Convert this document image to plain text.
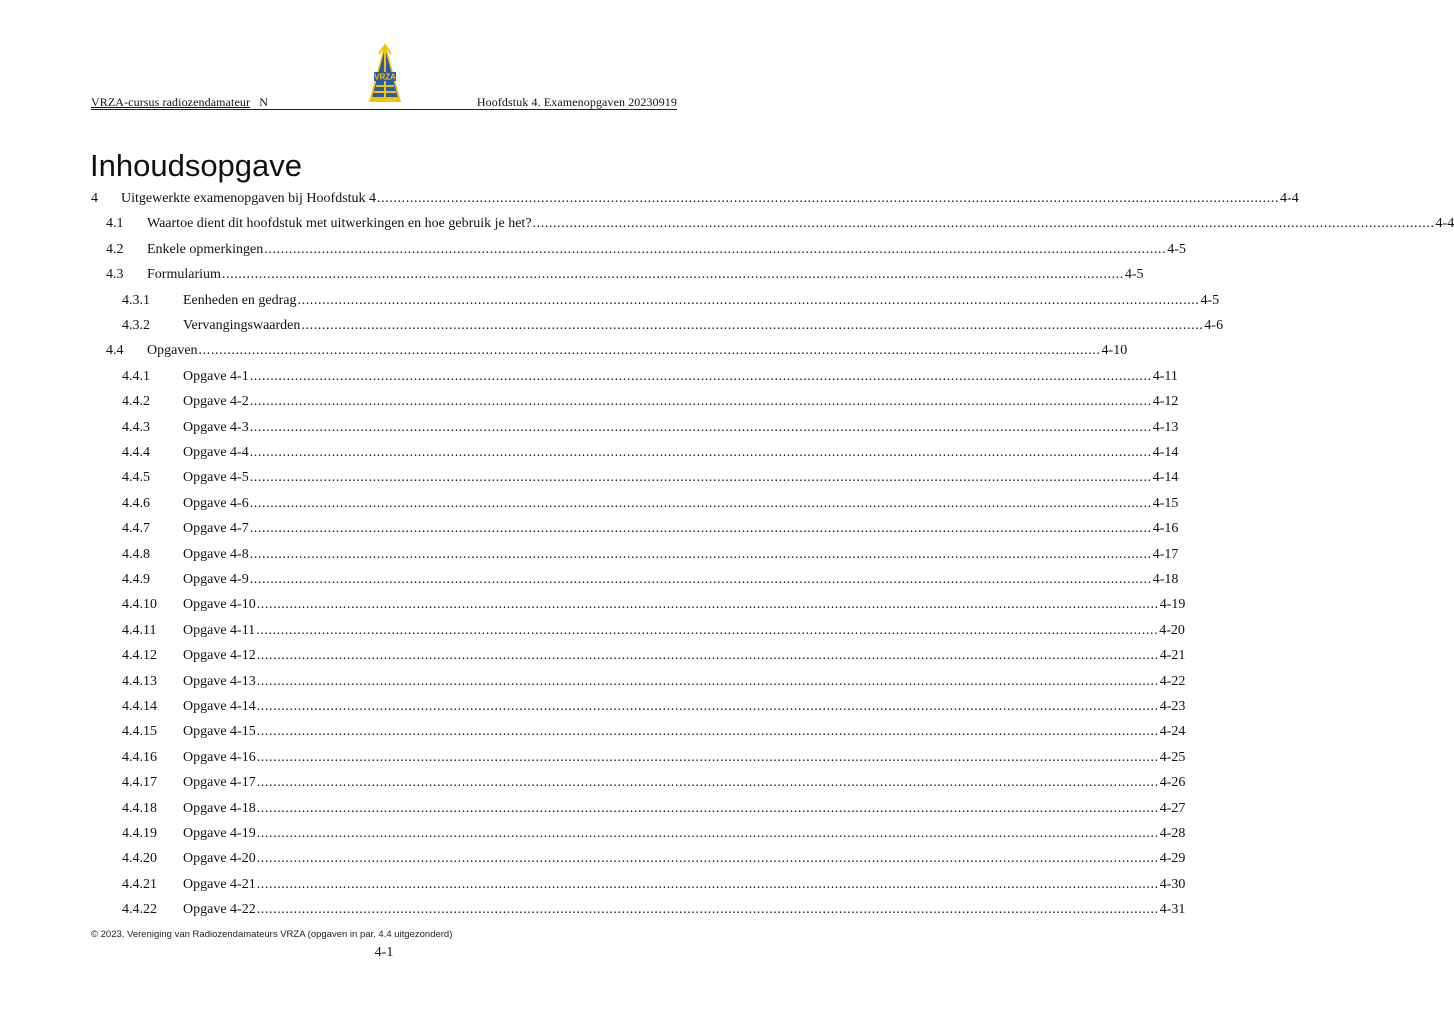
VRZA
VRZA-cursus radiozendamateur N	Hoofdstuk 4. Examenopgaven 20230919
Inhoudsopgave
4	Uitgewerkte examenopgaven bij Hoofdstuk 4 ............................................................................................................................................................................................................................ 4-4
4.1	Waartoe dient dit hoofdstuk met uitwerkingen en hoe gebruik je het? ............................................................................................................................................................................................................................ 4-4
4.2	Enkele opmerkingen ............................................................................................................................................................................................................................ 4-5
4.3	Formularium ............................................................................................................................................................................................................................ 4-5
4.3.1	Eenheden en gedrag ............................................................................................................................................................................................................................ 4-5
4.3.2	Vervangingswaarden ............................................................................................................................................................................................................................ 4-6
4.4	Opgaven ............................................................................................................................................................................................................................ 4-10
4.4.1	Opgave 4-1 ............................................................................................................................................................................................................................ 4-11
4.4.2	Opgave 4-2 ............................................................................................................................................................................................................................ 4-12
4.4.3	Opgave 4-3 ............................................................................................................................................................................................................................ 4-13
4.4.4	Opgave 4-4 ............................................................................................................................................................................................................................ 4-14
4.4.5	Opgave 4-5 ............................................................................................................................................................................................................................ 4-14
4.4.6	Opgave 4-6 ............................................................................................................................................................................................................................ 4-15
4.4.7	Opgave 4-7 ............................................................................................................................................................................................................................ 4-16
4.4.8	Opgave 4-8 ............................................................................................................................................................................................................................ 4-17
4.4.9	Opgave 4-9 ............................................................................................................................................................................................................................ 4-18
4.4.10	Opgave 4-10 ............................................................................................................................................................................................................................ 4-19
4.4.11	Opgave 4-11 ............................................................................................................................................................................................................................ 4-20
4.4.12	Opgave 4-12 ............................................................................................................................................................................................................................ 4-21
4.4.13	Opgave 4-13 ............................................................................................................................................................................................................................ 4-22
4.4.14	Opgave 4-14 ............................................................................................................................................................................................................................ 4-23
4.4.15	Opgave 4-15 ............................................................................................................................................................................................................................ 4-24
4.4.16	Opgave 4-16 ............................................................................................................................................................................................................................ 4-25
4.4.17	Opgave 4-17 ............................................................................................................................................................................................................................ 4-26
4.4.18	Opgave 4-18 ............................................................................................................................................................................................................................ 4-27
4.4.19	Opgave 4-19 ............................................................................................................................................................................................................................ 4-28
4.4.20	Opgave 4-20 ............................................................................................................................................................................................................................ 4-29
4.4.21	Opgave 4-21 ............................................................................................................................................................................................................................ 4-30
4.4.22	Opgave 4-22 ............................................................................................................................................................................................................................ 4-31
© 2023, Vereniging van Radiozendamateurs VRZA (opgaven in par. 4.4 uitgezonderd)
4-1
